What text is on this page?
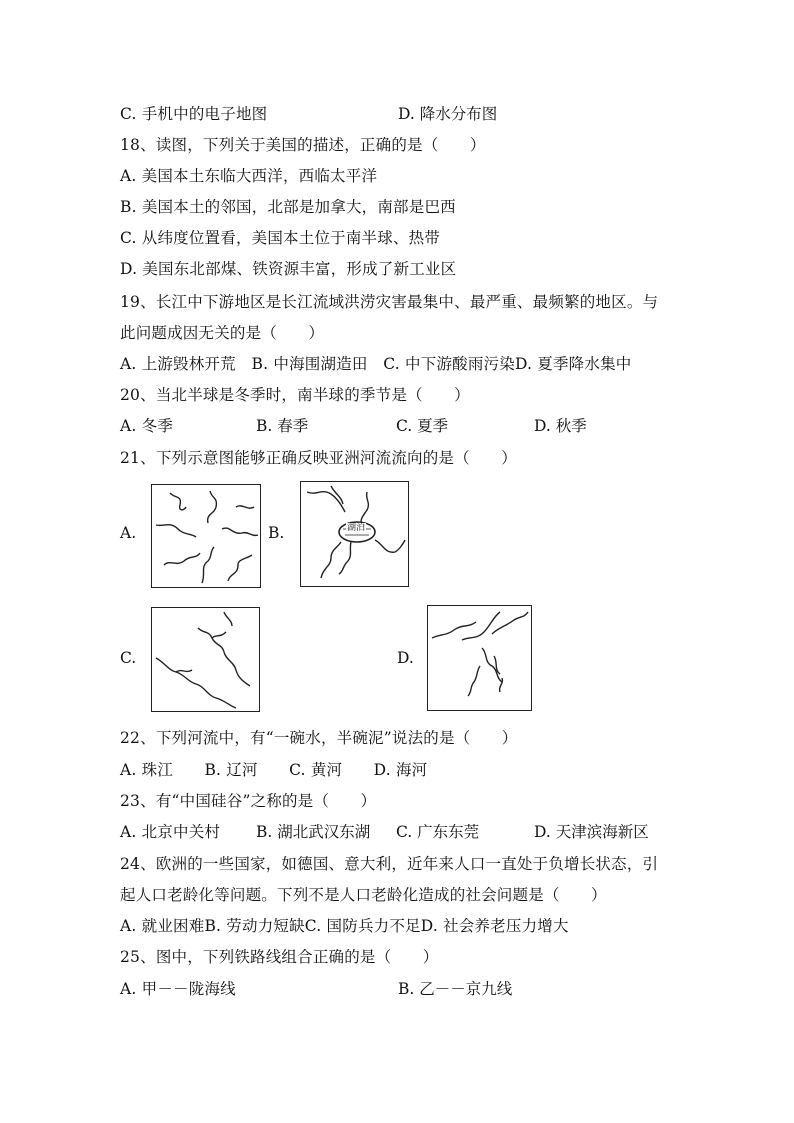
C. 手机中的电子地图	D. 降水分布图
18、读图，下列关于美国的描述，正确的是（　　）
A. 美国本土东临大西洋，西临太平洋
B. 美国本土的邻国，北部是加拿大，南部是巴西
C. 从纬度位置看，美国本土位于南半球、热带
D. 美国东北部煤、铁资源丰富，形成了新工业区
19、长江中下游地区是长江流域洪涝灾害最集中、最严重、最频繁的地区。与
此问题成因无关的是（　　）
A. 上游毁林开荒　B. 中海围湖造田　C. 中下游酸雨污染D. 夏季降水集中
20、当北半球是冬季时，南半球的季节是（　　）
A. 冬季	B. 春季	C. 夏季	D. 秋季
21、下列示意图能够正确反映亚洲河流流向的是（　　）
A.	B.	湖泊
C.	D.
22、下列河流中，有“一碗水，半碗泥”说法的是（　　）
A. 珠江　　B. 辽河　　C. 黄河　　D. 海河
23、有“中国硅谷”之称的是（　　）
A. 北京中关村 B. 湖北武汉东湖 C. 广东东莞	D. 天津滨海新区
24、欧洲的一些国家，如德国、意大利，近年来人口一直处于负增长状态，引
起人口老龄化等问题。下列不是人口老龄化造成的社会问题是（　　）
A. 就业困难B. 劳动力短缺C. 国防兵力不足D. 社会养老压力增大
25、图中，下列铁路线组合正确的是（　　）
A. 甲－－陇海线	B. 乙－－京九线
